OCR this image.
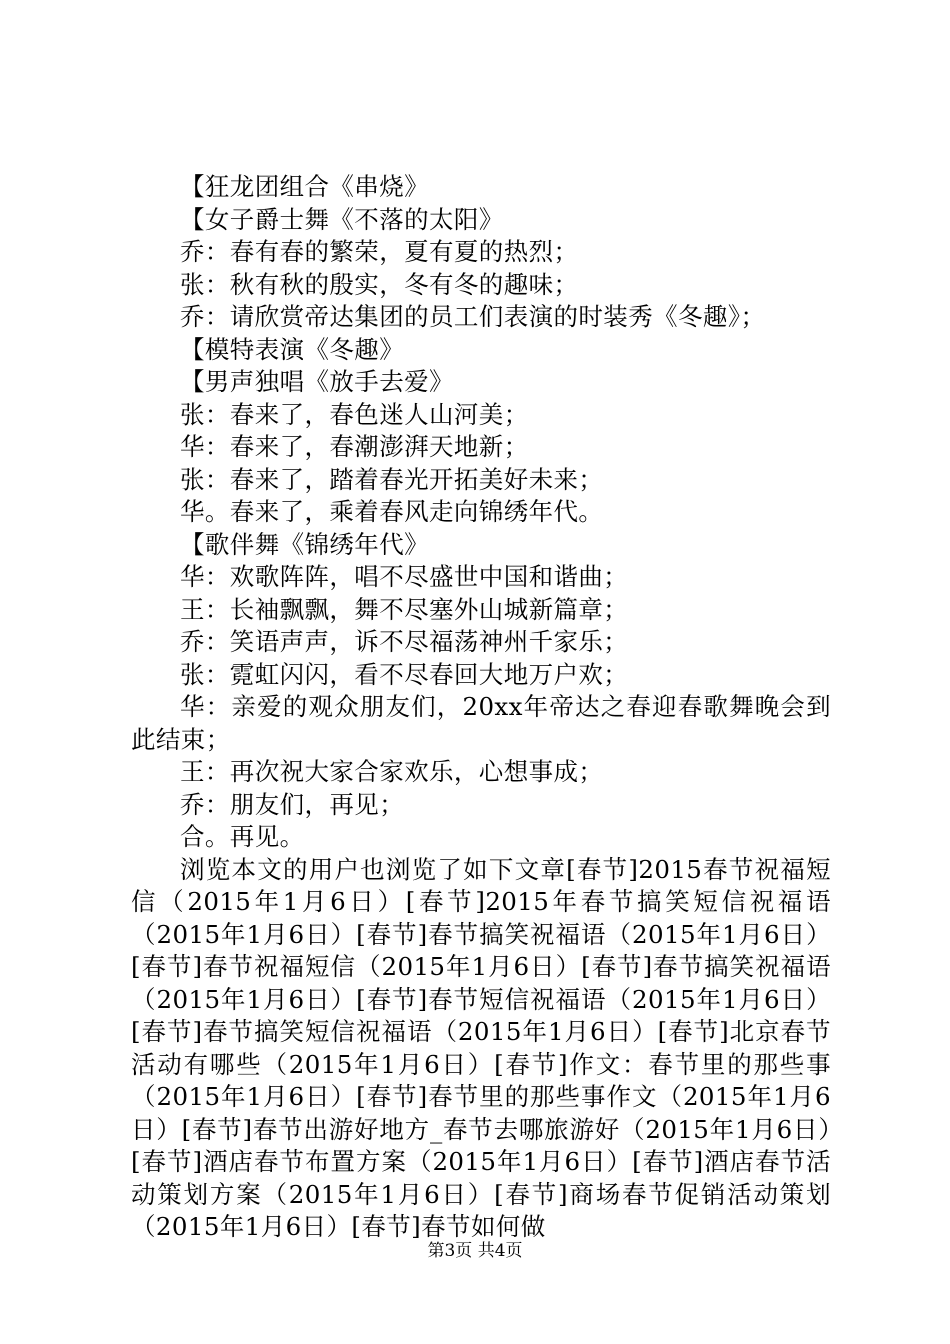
【狂龙团组合《串烧》

【女子爵士舞《不落的太阳》

乔：春有春的繁荣，夏有夏的热烈；

张：秋有秋的殷实，冬有冬的趣味；

乔：请欣赏帝达集团的员工们表演的时装秀《冬趣》；

【模特表演《冬趣》

【男声独唱《放手去爱》

张：春来了，春色迷人山河美；

华：春来了，春潮澎湃天地新；

张：春来了，踏着春光开拓美好未来；

华。春来了，乘着春风走向锦绣年代。

【歌伴舞《锦绣年代》

华：欢歌阵阵，唱不尽盛世中国和谐曲；

王：长袖飘飘，舞不尽塞外山城新篇章；

乔：笑语声声，诉不尽福荡神州千家乐；

张：霓虹闪闪，看不尽春回大地万户欢；

华：亲爱的观众朋友们，20xx年帝达之春迎春歌舞晚会到此结束；

王：再次祝大家合家欢乐，心想事成；

乔：朋友们，再见；

合。再见。

浏览本文的用户也浏览了如下文章[春节]2015春节祝福短信（2015年1月6日）[春节]2015年春节搞笑短信祝福语（2015年1月6日）[春节]春节搞笑祝福语（2015年1月6日）[春节]春节祝福短信（2015年1月6日）[春节]春节搞笑祝福语（2015年1月6日）[春节]春节短信祝福语（2015年1月6日）[春节]春节搞笑短信祝福语（2015年1月6日）[春节]北京春节活动有哪些（2015年1月6日）[春节]作文：春节里的那些事（2015年1月6日）[春节]春节里的那些事作文（2015年1月6日）[春节]春节出游好地方_春节去哪旅游好（2015年1月6日）[春节]酒店春节布置方案（2015年1月6日）[春节]酒店春节活动策划方案（2015年1月6日）[春节]商场春节促销活动策划（2015年1月6日）[春节]春节如何做

第3页 共4页
